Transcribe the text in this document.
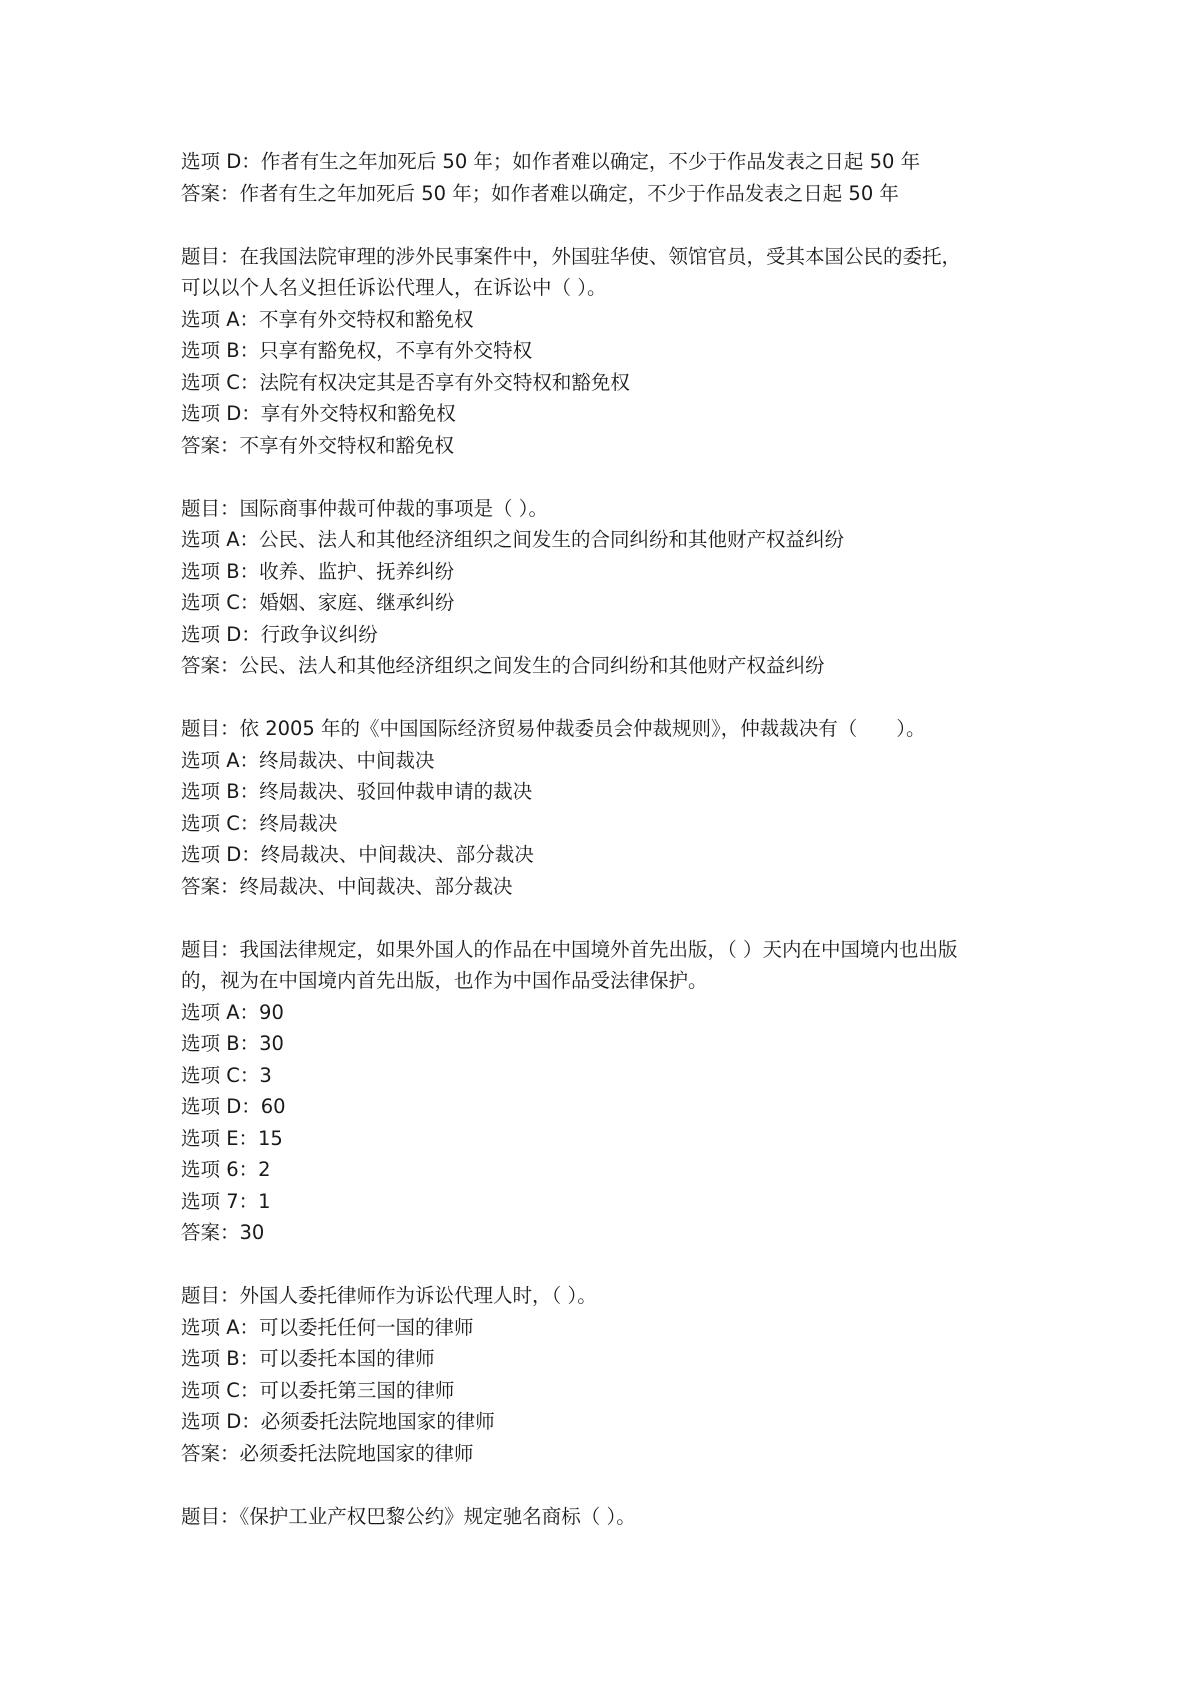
选项 D：作者有生之年加死后 50 年；如作者难以确定，不少于作品发表之日起 50 年
答案：作者有生之年加死后 50 年；如作者难以确定，不少于作品发表之日起 50 年
题目：在我国法院审理的涉外民事案件中，外国驻华使、领馆官员，受其本国公民的委托，
可以以个人名义担任诉讼代理人，在诉讼中（ ）。
选项 A：不享有外交特权和豁免权
选项 B：只享有豁免权，不享有外交特权
选项 C：法院有权决定其是否享有外交特权和豁免权
选项 D：享有外交特权和豁免权
答案：不享有外交特权和豁免权
题目：国际商事仲裁可仲裁的事项是（ ）。
选项 A：公民、法人和其他经济组织之间发生的合同纠纷和其他财产权益纠纷
选项 B：收养、监护、抚养纠纷
选项 C：婚姻、家庭、继承纠纷
选项 D：行政争议纠纷
答案：公民、法人和其他经济组织之间发生的合同纠纷和其他财产权益纠纷
题目：依 2005 年的《中国国际经济贸易仲裁委员会仲裁规则》，仲裁裁决有（　　）。
选项 A：终局裁决、中间裁决
选项 B：终局裁决、驳回仲裁申请的裁决
选项 C：终局裁决
选项 D：终局裁决、中间裁决、部分裁决
答案：终局裁决、中间裁决、部分裁决
题目：我国法律规定，如果外国人的作品在中国境外首先出版，（ ）天内在中国境内也出版
的，视为在中国境内首先出版，也作为中国作品受法律保护。
选项 A：90
选项 B：30
选项 C：3
选项 D：60
选项 E：15
选项 6：2
选项 7：1
答案：30
题目：外国人委托律师作为诉讼代理人时，（ ）。
选项 A：可以委托任何一国的律师
选项 B：可以委托本国的律师
选项 C：可以委托第三国的律师
选项 D：必须委托法院地国家的律师
答案：必须委托法院地国家的律师
题目：《保护工业产权巴黎公约》规定驰名商标（ ）。
